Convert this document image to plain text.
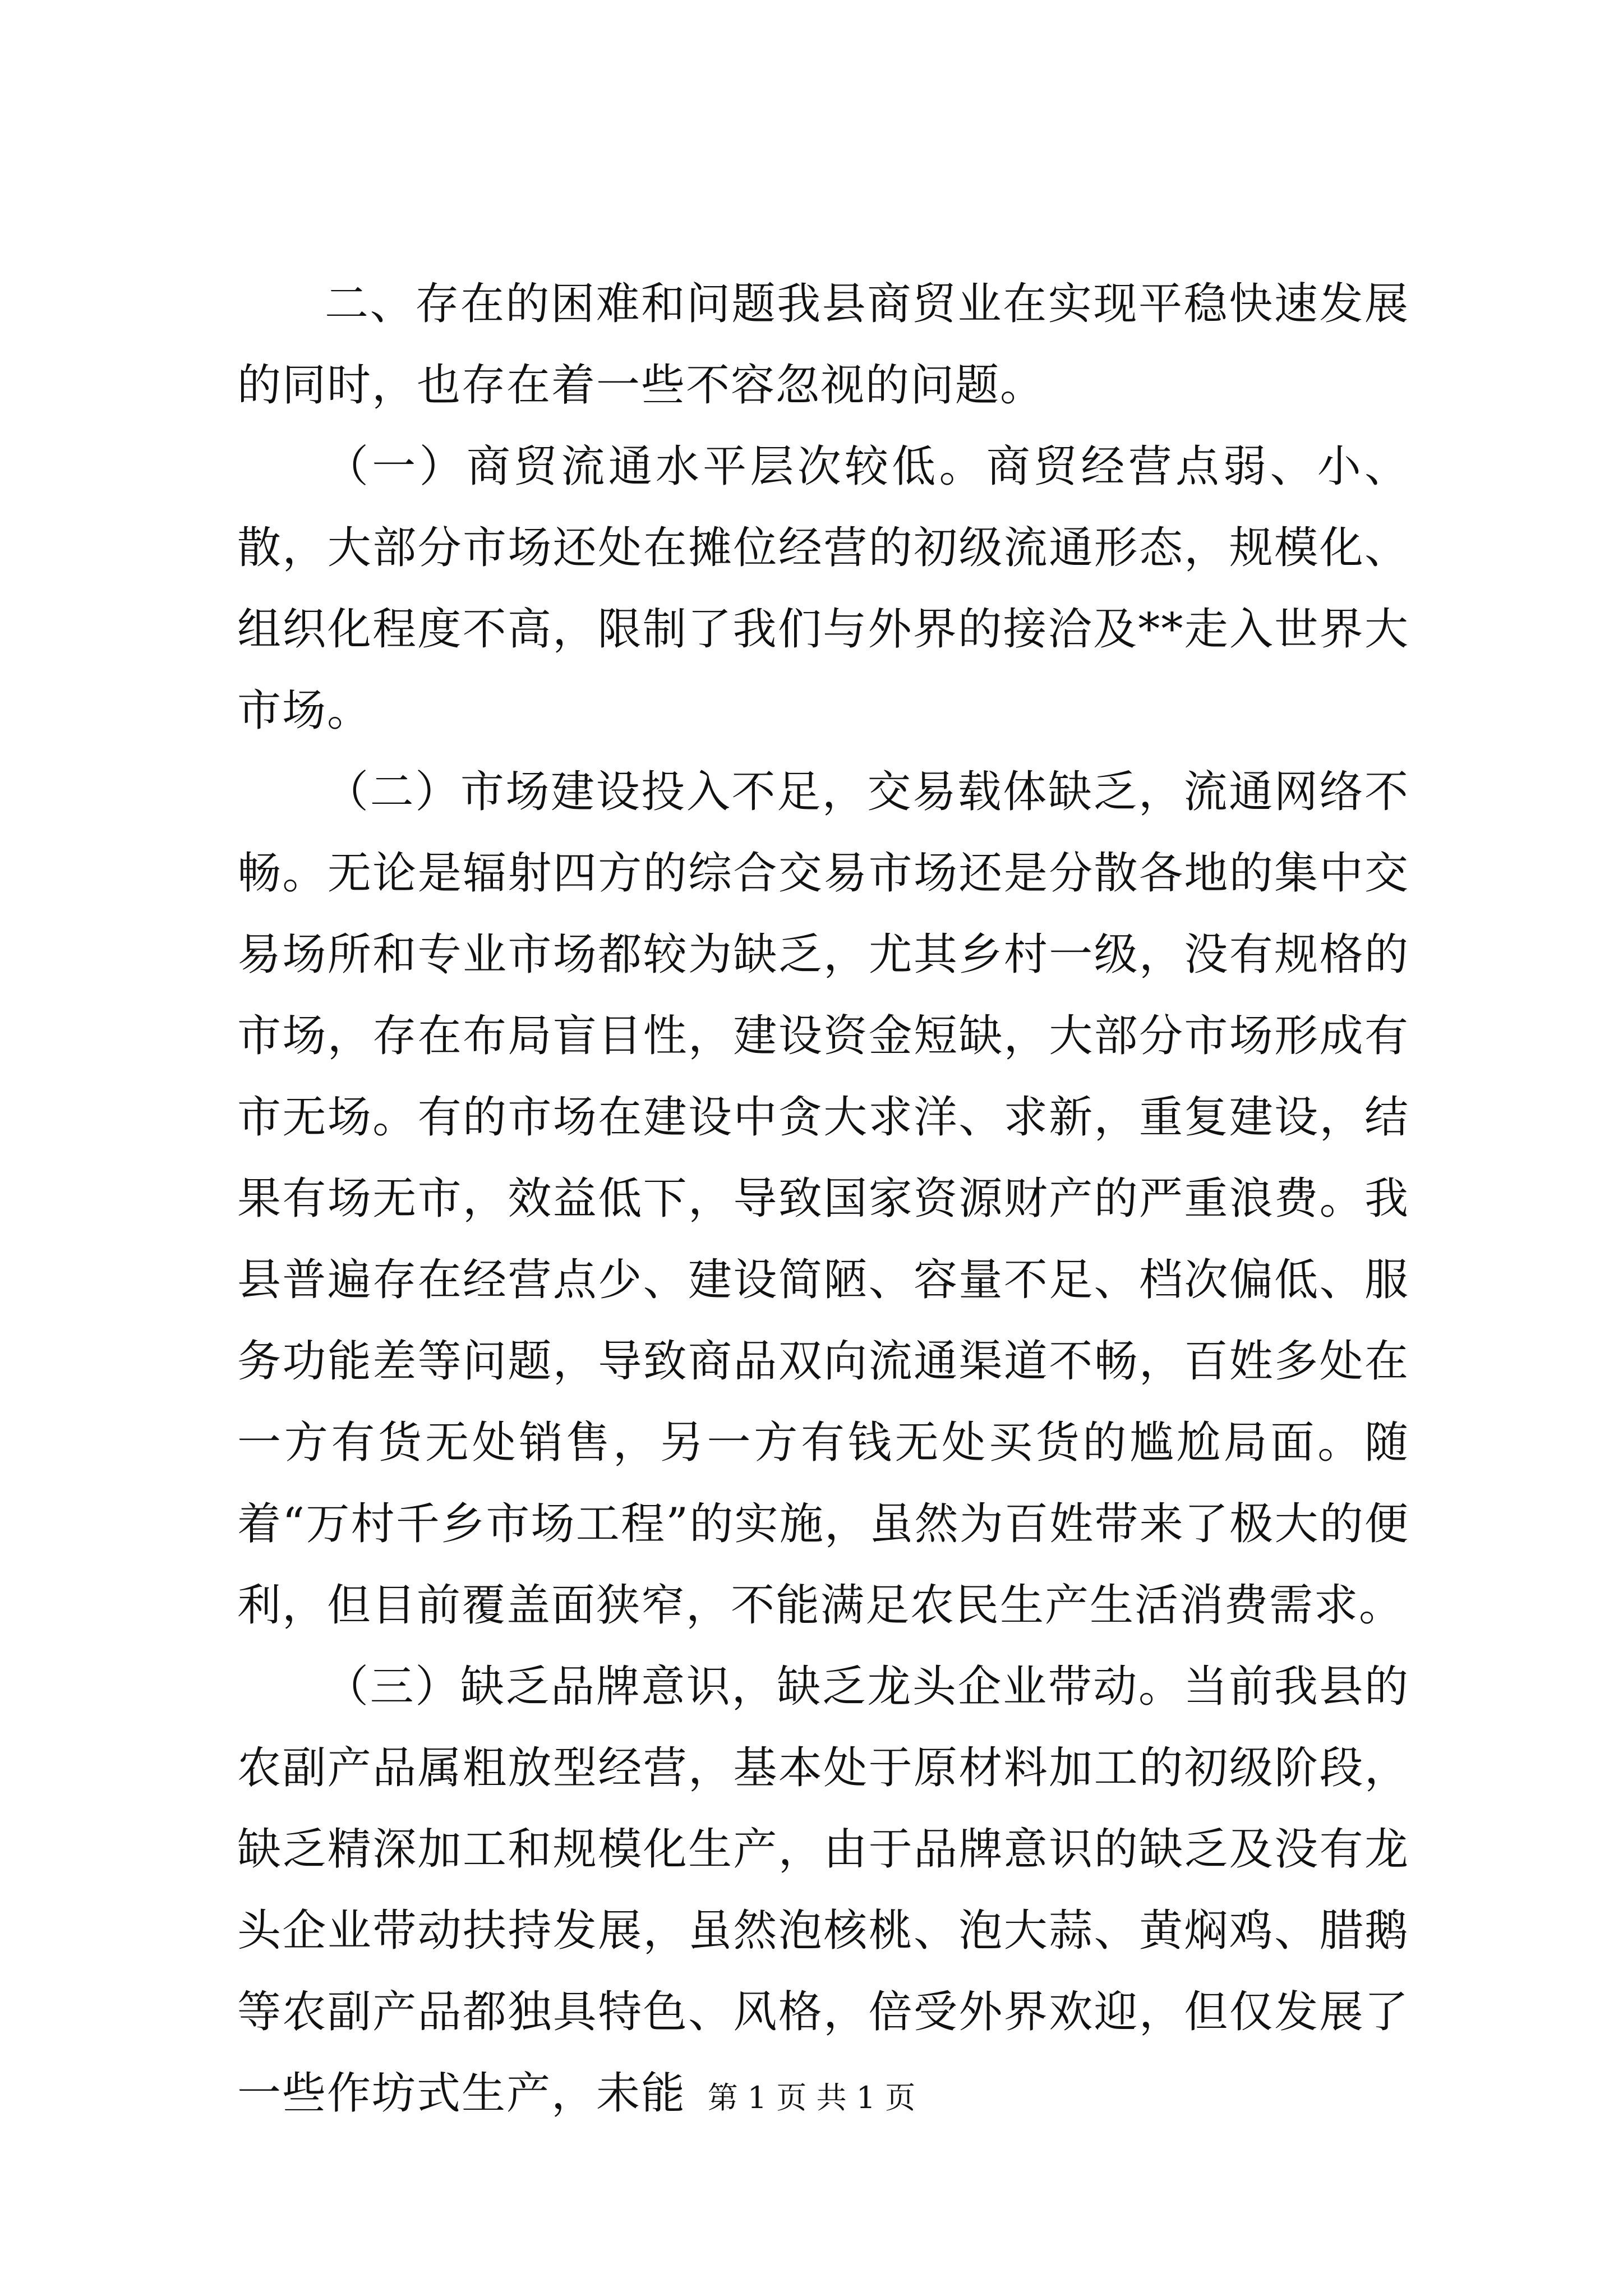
二、存在的困难和问题我县商贸业在实现平稳快速发展的同时，也存在着一些不容忽视的问题。

（一）商贸流通水平层次较低。商贸经营点弱、小、散，大部分市场还处在摊位经营的初级流通形态，规模化、组织化程度不高，限制了我们与外界的接洽及**走入世界大市场。

（二）市场建设投入不足，交易载体缺乏，流通网络不畅。无论是辐射四方的综合交易市场还是分散各地的集中交易场所和专业市场都较为缺乏，尤其乡村一级，没有规格的市场，存在布局盲目性，建设资金短缺，大部分市场形成有市无场。有的市场在建设中贪大求洋、求新，重复建设，结果有场无市，效益低下，导致国家资源财产的严重浪费。我县普遍存在经营点少、建设简陋、容量不足、档次偏低、服务功能差等问题，导致商品双向流通渠道不畅，百姓多处在一方有货无处销售，另一方有钱无处买货的尴尬局面。随着“万村千乡市场工程”的实施，虽然为百姓带来了极大的便利，但目前覆盖面狭窄，不能满足农民生产生活消费需求。

（三）缺乏品牌意识，缺乏龙头企业带动。当前我县的农副产品属粗放型经营，基本处于原材料加工的初级阶段，缺乏精深加工和规模化生产，由于品牌意识的缺乏及没有龙头企业带动扶持发展，虽然泡核桃、泡大蒜、黄焖鸡、腊鹅等农副产品都独具特色、风格，倍受外界欢迎，但仅发展了一些作坊式生产，未能 第 1 页 共 1 页
